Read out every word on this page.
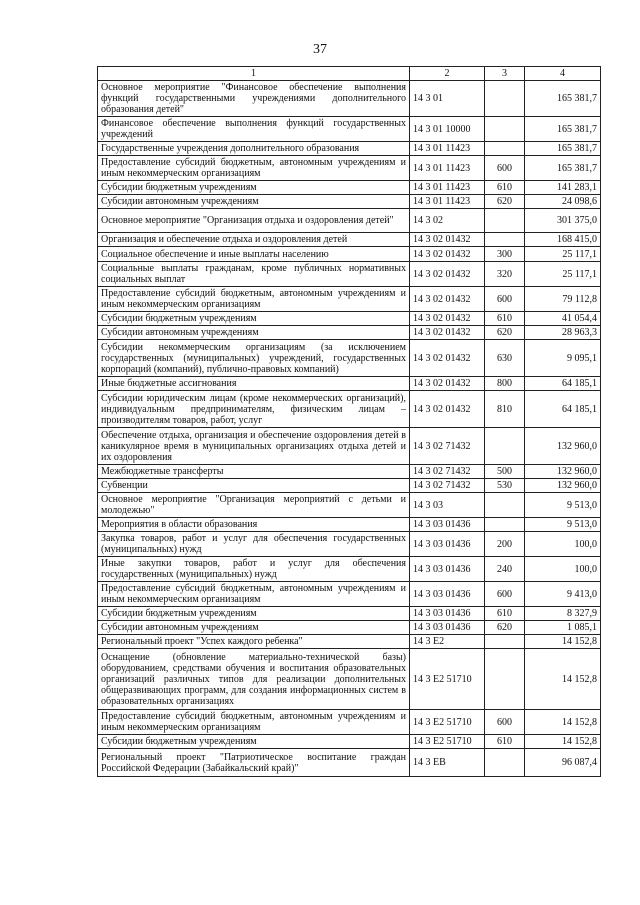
37
1	2	3	4
Основное мероприятие "Финансовое обеспечение выполнения функций государственными учреждениями дополнительного образования детей"	14 3 01		165 381,7
Финансовое обеспечение выполнения функций государственных учреждений	14 3 01 10000		165 381,7
Государственные учреждения дополнительного образования	14 3 01 11423		165 381,7
Предоставление субсидий бюджетным, автономным учреждениям и иным некоммерческим организациям	14 3 01 11423	600	165 381,7
Субсидии бюджетным учреждениям	14 3 01 11423	610	141 283,1
Субсидии автономным учреждениям	14 3 01 11423	620	24 098,6
Основное мероприятие "Организация отдыха и оздоровления детей"	14 3 02		301 375,0
Организация и обеспечение отдыха и оздоровления детей	14 3 02 01432		168 415,0
Социальное обеспечение и иные выплаты населению	14 3 02 01432	300	25 117,1
Социальные выплаты гражданам, кроме публичных нормативных социальных выплат	14 3 02 01432	320	25 117,1
Предоставление субсидий бюджетным, автономным учреждениям и иным некоммерческим организациям	14 3 02 01432	600	79 112,8
Субсидии бюджетным учреждениям	14 3 02 01432	610	41 054,4
Субсидии автономным учреждениям	14 3 02 01432	620	28 963,3
Субсидии некоммерческим организациям (за исключением государственных (муниципальных) учреждений, государственных корпораций (компаний), публично-правовых компаний)	14 3 02 01432	630	9 095,1
Иные бюджетные ассигнования	14 3 02 01432	800	64 185,1
Субсидии юридическим лицам (кроме некоммерческих организаций), индивидуальным предпринимателям, физическим лицам – производителям товаров, работ, услуг	14 3 02 01432	810	64 185,1
Обеспечение отдыха, организация и обеспечение оздоровления детей в каникулярное время в муниципальных организациях отдыха детей и их оздоровления	14 3 02 71432		132 960,0
Межбюджетные трансферты	14 3 02 71432	500	132 960,0
Субвенции	14 3 02 71432	530	132 960,0
Основное мероприятие "Организация мероприятий с детьми и молодежью"	14 3 03		9 513,0
Мероприятия в области образования	14 3 03 01436		9 513,0
Закупка товаров, работ и услуг для обеспечения государственных (муниципальных) нужд	14 3 03 01436	200	100,0
Иные закупки товаров, работ и услуг для обеспечения государственных (муниципальных) нужд	14 3 03 01436	240	100,0
Предоставление субсидий бюджетным, автономным учреждениям и иным некоммерческим организациям	14 3 03 01436	600	9 413,0
Субсидии бюджетным учреждениям	14 3 03 01436	610	8 327,9
Субсидии автономным учреждениям	14 3 03 01436	620	1 085,1
Региональный проект "Успех каждого ребенка"	14 3 E2		14 152,8
Оснащение (обновление материально-технической базы) оборудованием, средствами обучения и воспитания образовательных организаций различных типов для реализации дополнительных общеразвивающих программ, для создания информационных систем в образовательных организациях	14 3 E2 51710		14 152,8
Предоставление субсидий бюджетным, автономным учреждениям и иным некоммерческим организациям	14 3 E2 51710	600	14 152,8
Субсидии бюджетным учреждениям	14 3 E2 51710	610	14 152,8
Региональный проект "Патриотическое воспитание граждан Российской Федерации (Забайкальский край)"	14 3 EB		96 087,4
